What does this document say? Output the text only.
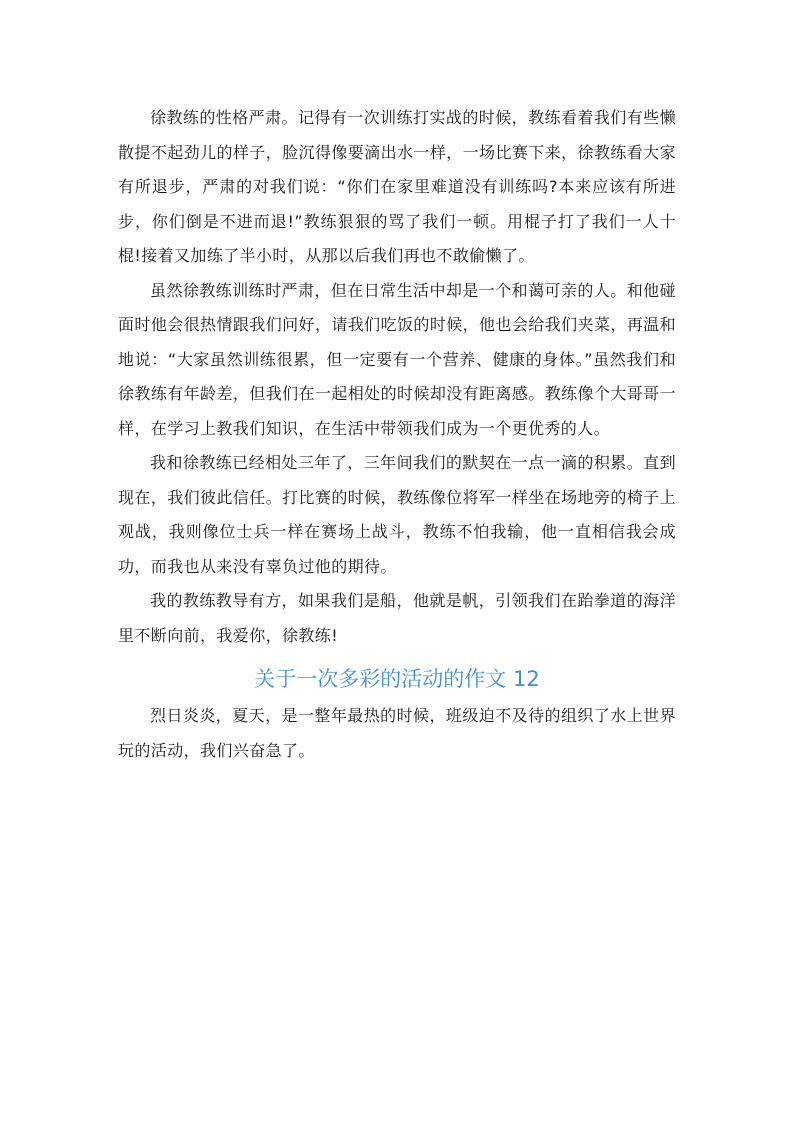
徐教练的性格严肃。记得有一次训练打实战的时候，教练看着我们有些懒散提不起劲儿的样子，脸沉得像要滴出水一样，一场比赛下来，徐教练看大家有所退步，严肃的对我们说：“你们在家里难道没有训练吗?本来应该有所进步，你们倒是不进而退!”教练狠狠的骂了我们一顿。用棍子打了我们一人十棍!接着又加练了半小时，从那以后我们再也不敢偷懒了。

虽然徐教练训练时严肃，但在日常生活中却是一个和蔼可亲的人。和他碰面时他会很热情跟我们问好，请我们吃饭的时候，他也会给我们夹菜，再温和地说：“大家虽然训练很累，但一定要有一个营养、健康的身体。”虽然我们和徐教练有年龄差，但我们在一起相处的时候却没有距离感。教练像个大哥哥一样，在学习上教我们知识，在生活中带领我们成为一个更优秀的人。

我和徐教练已经相处三年了，三年间我们的默契在一点一滴的积累。直到现在，我们彼此信任。打比赛的时候，教练像位将军一样坐在场地旁的椅子上观战，我则像位士兵一样在赛场上战斗，教练不怕我输，他一直相信我会成功，而我也从来没有辜负过他的期待。

我的教练教导有方，如果我们是船，他就是帆，引领我们在跆拳道的海洋里不断向前，我爱你，徐教练!

关于一次多彩的活动的作文 12

烈日炎炎，夏天，是一整年最热的时候，班级迫不及待的组织了水上世界玩的活动，我们兴奋急了。
